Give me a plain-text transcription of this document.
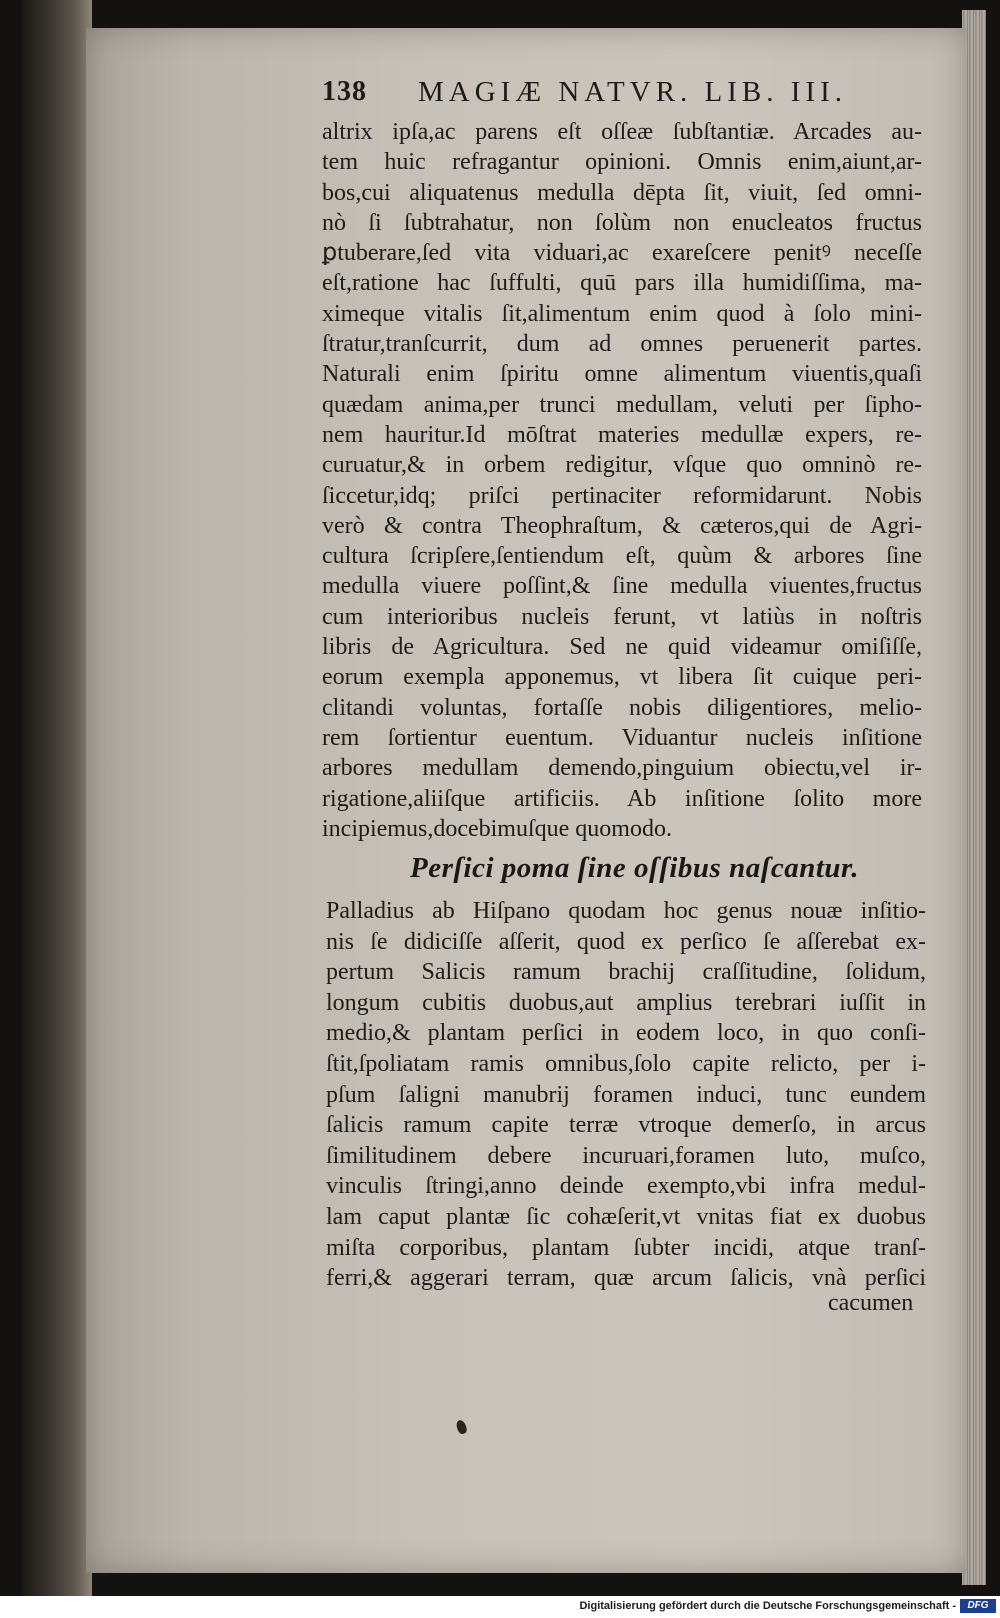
138 MAGIÆ NATVR. LIB. III.
altrix ipſa,ac parens eſt oſſeæ ſubſtantiæ. Arcades au-
tem huic refragantur opinioni. Omnis enim,aiunt,ar-
bos,cui aliquatenus medulla dēpta ſit, viuit, ſed omni-
nò ſi ſubtrahatur, non ſolùm non enucleatos fructus
ꝑtuberare,ſed vita viduari,ac exareſcere penitꝰ neceſſe
eſt,ratione hac ſuffulti, quū pars illa humidiſſima, ma-
ximeque vitalis ſit,alimentum enim quod à ſolo mini-
ſtratur,tranſcurrit, dum ad omnes peruenerit partes.
Naturali enim ſpiritu omne alimentum viuentis,quaſi
quædam anima,per trunci medullam, veluti per ſipho-
nem hauritur.Id mōſtrat materies medullæ expers, re-
curuatur,& in orbem redigitur, vſque quo omninò re-
ſiccetur,idq; priſci pertinaciter reformidarunt. Nobis
verò & contra Theophraſtum, & cæteros,qui de Agri-
cultura ſcripſere,ſentiendum eſt, quùm & arbores ſine
medulla viuere poſſint,& ſine medulla viuentes,fructus
cum interioribus nucleis ferunt, vt latiùs in noſtris
libris de Agricultura. Sed ne quid videamur omiſiſſe,
eorum exempla apponemus, vt libera ſit cuique peri-
clitandi voluntas, fortaſſe nobis diligentiores, melio-
rem ſortientur euentum. Viduantur nucleis inſitione
arbores medullam demendo,pinguium obiectu,vel ir-
rigatione,aliiſque artificiis. Ab inſitione ſolito more
incipiemus,docebimuſque quomodo.
Perſici poma ſine oſſibus naſcantur.
Palladius ab Hiſpano quodam hoc genus nouæ inſitio-
nis ſe didiciſſe aſſerit, quod ex perſico ſe aſſerebat ex-
pertum Salicis ramum brachij craſſitudine, ſolidum,
longum cubitis duobus,aut amplius terebrari iuſſit in
medio,& plantam perſici in eodem loco, in quo conſi-
ſtit,ſpoliatam ramis omnibus,ſolo capite relicto, per i-
pſum ſaligni manubrij foramen induci, tunc eundem
ſalicis ramum capite terræ vtroque demerſo, in arcus
ſimilitudinem debere incuruari,foramen luto, muſco,
vinculis ſtringi,anno deinde exempto,vbi infra medul-
lam caput plantæ ſic cohæſerit,vt vnitas fiat ex duobus
miſta corporibus, plantam ſubter incidi, atque tranſ-
ferri,& aggerari terram, quæ arcum ſalicis, vnà perſici
cacumen
Digitalisierung gefördert durch die Deutsche Forschungsgemeinschaft -	DFG
